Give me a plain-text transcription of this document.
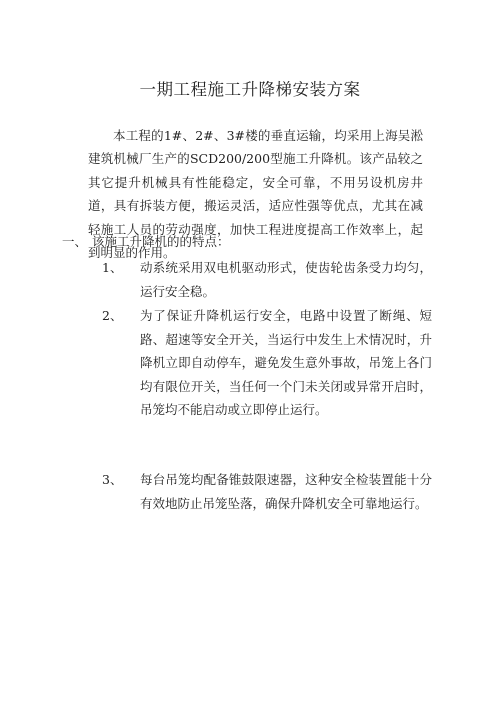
一期工程施工升降梯安装方案
本工程的1#、2#、3#楼的垂直运输，均采用上海吴淞建筑机械厂生产的SCD200/200型施工升降机。该产品较之其它提升机械具有性能稳定，安全可靠，不用另设机房井道，具有拆装方便，搬运灵活，适应性强等优点，尤其在减轻施工人员的劳动强度，加快工程进度提高工作效率上，起到明显的作用。
一、 该施工升降机的的特点：
1、 动系统采用双电机驱动形式，使齿轮齿条受力均匀，运行安全稳。
2、 为了保证升降机运行安全，电路中设置了断绳、短路、超速等安全开关，当运行中发生上术情况时，升降机立即自动停车，避免发生意外事故，吊笼上各门均有限位开关，当任何一个门未关闭或异常开启时，吊笼均不能启动或立即停止运行。
3、 每台吊笼均配备锥鼓限速器，这种安全检装置能十分有效地防止吊笼坠落，确保升降机安全可靠地运行。
